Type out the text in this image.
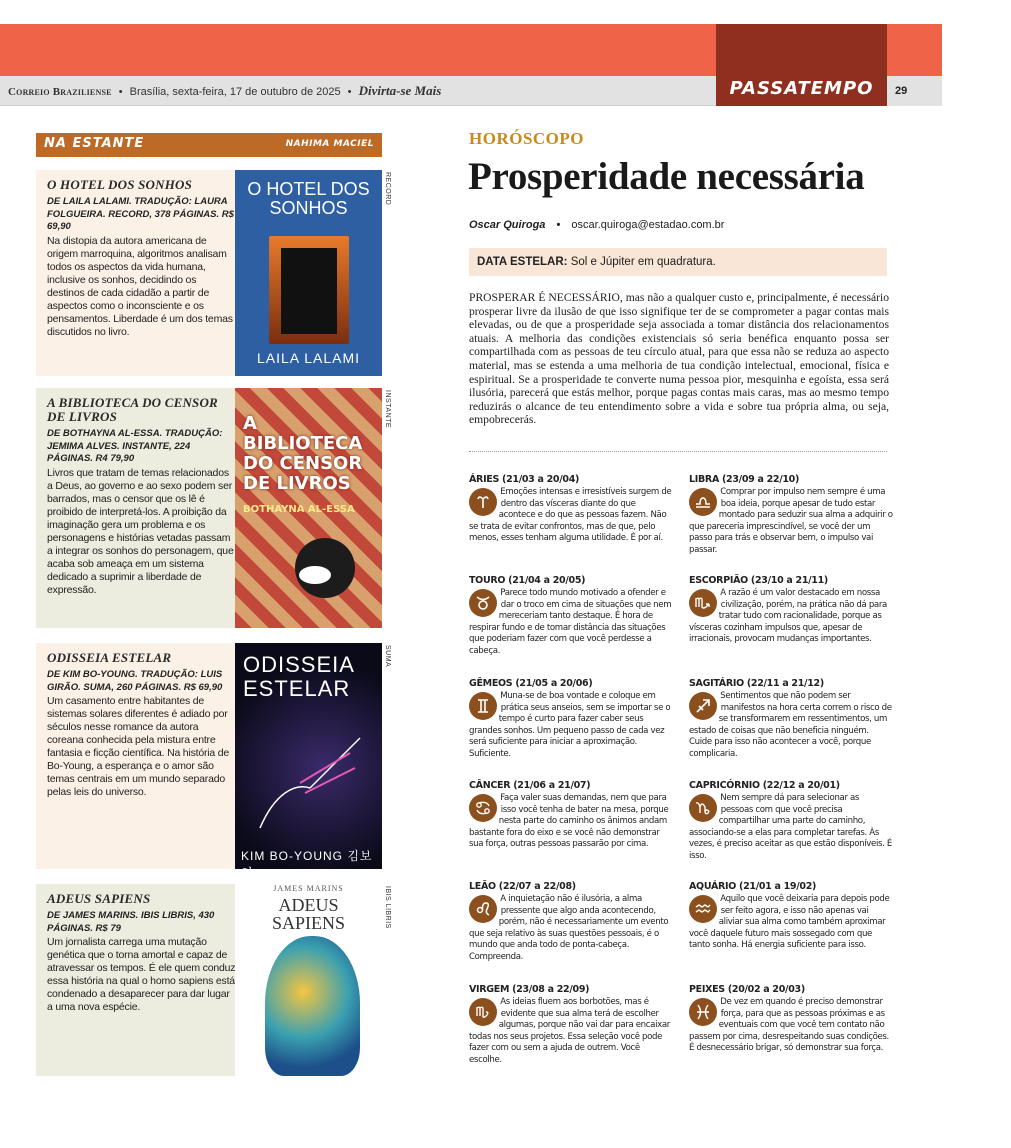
Correio Braziliense • Brasília, sexta-feira, 17 de outubro de 2025 • Divirta-se Mais	PASSATEMPO	29
NA ESTANTE	NAHIMA MACIEL
O HOTEL DOS SONHOS
DE LAILA LALAMI. TRADUÇÃO: LAURA FOLGUEIRA. RECORD, 378 PÁGINAS. R$ 69,90
Na distopia da autora americana de origem marroquina, algoritmos analisam todos os aspectos da vida humana, inclusive os sonhos, decidindo os destinos de cada cidadão a partir de aspectos como o inconsciente e os pensamentos. Liberdade é um dos temas discutidos no livro.
O HOTEL DOS SONHOS
LAILA LALAMI
RECORD
A BIBLIOTECA DO CENSOR DE LIVROS
DE BOTHAYNA AL-ESSA. TRADUÇÃO: JEMIMA ALVES. INSTANTE, 224 PÁGINAS. R4 79,90
Livros que tratam de temas relacionados a Deus, ao governo e ao sexo podem ser barrados, mas o censor que os lê é proibido de interpretá-los. A proibição da imaginação gera um problema e os personagens e histórias vetadas passam a integrar os sonhos do personagem, que acaba sob ameaça em um sistema dedicado a suprimir a liberdade de expressão.
A BIBLIOTECA DO CENSOR DE LIVROS
BOTHAYNA AL-ESSA
INSTANTE
ODISSEIA ESTELAR
DE KIM BO-YOUNG. TRADUÇÃO: LUIS GIRÃO. SUMA, 260 PÁGINAS. R$ 69,90
Um casamento entre habitantes de sistemas solares diferentes é adiado por séculos nesse romance da autora coreana conhecida pela mistura entre fantasia e ficção científica. Na história de Bo-Young, a esperança e o amor são temas centrais em um mundo separado pelas leis do universo.
ODISSEIA ESTELAR
KIM BO-YOUNG 김보영
SUMA
ADEUS SAPIENS
DE JAMES MARINS. IBIS LIBRIS, 430 PÁGINAS. R$ 79
Um jornalista carrega uma mutação genética que o torna amortal e capaz de atravessar os tempos. É ele quem conduz essa história na qual o homo sapiens está condenado a desaparecer para dar lugar a uma nova espécie.
JAMES MARINS
ADEUS SAPIENS	IBIS LIBRIS
HORÓSCOPO
Prosperidade necessária
Oscar Quiroga • oscar.quiroga@estadao.com.br
DATA ESTELAR: Sol e Júpiter em quadratura.
PROSPERAR É NECESSÁRIO, mas não a qualquer custo e, principalmente, é necessário prosperar livre da ilusão de que isso signifique ter de se comprometer a pagar contas mais elevadas, ou de que a prosperidade seja associada a tomar distância dos relacionamentos atuais. A melhoria das condições existenciais só seria benéfica enquanto possa ser compartilhada com as pessoas de teu círculo atual, para que essa não se reduza ao aspecto material, mas se estenda a uma melhoria de tua condição intelectual, emocional, física e espiritual. Se a prosperidade te converte numa pessoa pior, mesquinha e egoísta, essa será ilusória, parecerá que estás melhor, porque pagas contas mais caras, mas ao mesmo tempo reduzirás o alcance de teu entendimento sobre a vida e sobre tua própria alma, ou seja, empobrecerás.
ÁRIES (21/03 a 20/04)
Emoções intensas e irresistíveis surgem de dentro das vísceras diante do que acontece e do que as pessoas fazem. Não se trata de evitar confrontos, mas de que, pelo menos, esses tenham alguma utilidade. É por aí.
TOURO (21/04 a 20/05)
Parece todo mundo motivado a ofender e dar o troco em cima de situações que nem mereceriam tanto destaque. É hora de respirar fundo e de tomar distância das situações que poderiam fazer com que você perdesse a cabeça.
GÊMEOS (21/05 a 20/06)
Muna-se de boa vontade e coloque em prática seus anseios, sem se importar se o tempo é curto para fazer caber seus grandes sonhos. Um pequeno passo de cada vez será suficiente para iniciar a aproximação. Suficiente.
CÂNCER (21/06 a 21/07)
Faça valer suas demandas, nem que para isso você tenha de bater na mesa, porque nesta parte do caminho os ânimos andam bastante fora do eixo e se você não demonstrar sua força, outras pessoas passarão por cima.
LEÃO (22/07 a 22/08)
A inquietação não é ilusória, a alma pressente que algo anda acontecendo, porém, não é necessariamente um evento que seja relativo às suas questões pessoais, é o mundo que anda todo de ponta-cabeça. Compreenda.
VIRGEM (23/08 a 22/09)
As ideias fluem aos borbotões, mas é evidente que sua alma terá de escolher algumas, porque não vai dar para encaixar todas nos seus projetos. Essa seleção você pode fazer com ou sem a ajuda de outrem. Você escolhe.
LIBRA (23/09 a 22/10)
Comprar por impulso nem sempre é uma boa ideia, porque apesar de tudo estar montado para seduzir sua alma a adquirir o que pareceria imprescindível, se você der um passo para trás e observar bem, o impulso vai passar.
ESCORPIÃO (23/10 a 21/11)
A razão é um valor destacado em nossa civilização, porém, na prática não dá para tratar tudo com racionalidade, porque as vísceras cozinham impulsos que, apesar de irracionais, provocam mudanças importantes.
SAGITÁRIO (22/11 a 21/12)
Sentimentos que não podem ser manifestos na hora certa correm o risco de se transformarem em ressentimentos, um estado de coisas que não beneficia ninguém. Cuide para isso não acontecer a você, porque complicaria.
CAPRICÓRNIO (22/12 a 20/01)
Nem sempre dá para selecionar as pessoas com que você precisa compartilhar uma parte do caminho, associando-se a elas para completar tarefas. Às vezes, é preciso aceitar as que estão disponíveis. É isso.
AQUÁRIO (21/01 a 19/02)
Aquilo que você deixaria para depois pode ser feito agora, e isso não apenas vai aliviar sua alma como também aproximar você daquele futuro mais sossegado com que tanto sonha. Há energia suficiente para isso.
PEIXES (20/02 a 20/03)
De vez em quando é preciso demonstrar força, para que as pessoas próximas e as eventuais com que você tem contato não passem por cima, desrespeitando suas condições. É desnecessário brigar, só demonstrar sua força.
